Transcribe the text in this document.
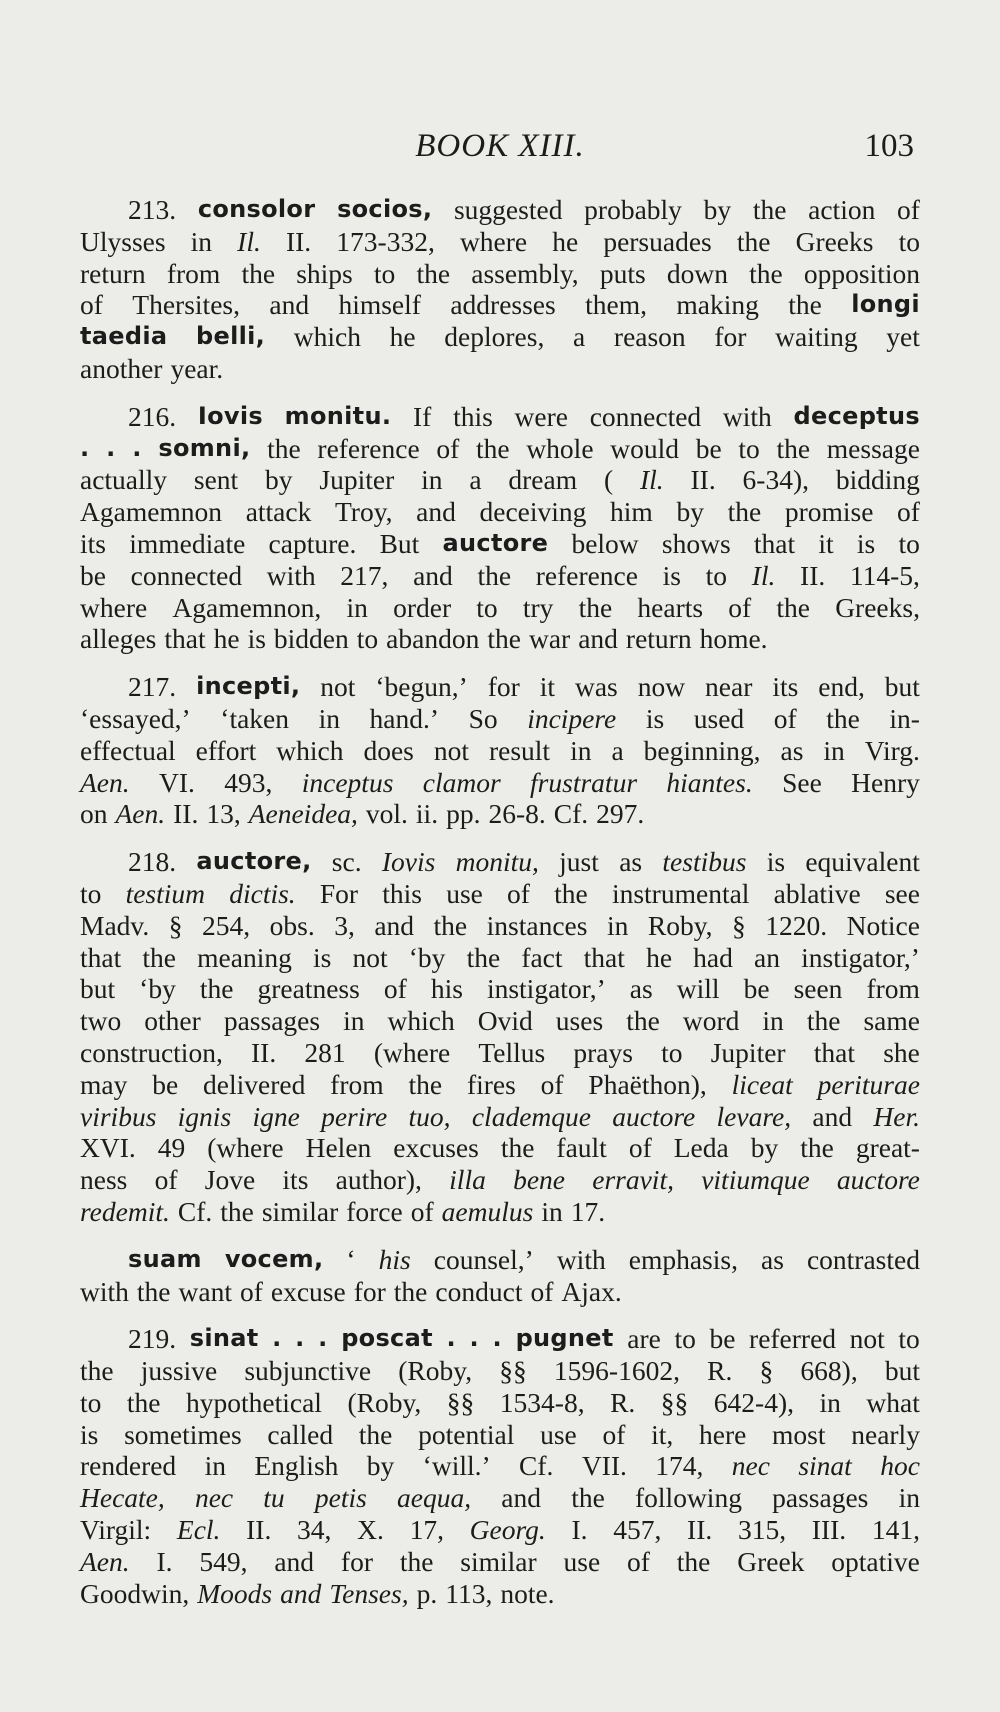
BOOK XIII.	103
213. consolor socios, suggested probably by the action of
Ulysses in Il. II. 173-332, where he persuades the Greeks to
return from the ships to the assembly, puts down the opposition
of Thersites, and himself addresses them, making the longi
taedia belli, which he deplores, a reason for waiting yet
another year.
216. Iovis monitu. If this were connected with deceptus
. . . somni, the reference of the whole would be to the message
actually sent by Jupiter in a dream ( Il. II. 6-34), bidding
Agamemnon attack Troy, and deceiving him by the promise of
its immediate capture. But auctore below shows that it is to
be connected with 217, and the reference is to Il. II. 114-5,
where Agamemnon, in order to try the hearts of the Greeks,
alleges that he is bidden to abandon the war and return home.
217. incepti, not ‘begun,’ for it was now near its end, but
‘essayed,’ ‘taken in hand.’ So incipere is used of the in-
effectual effort which does not result in a beginning, as in Virg.
Aen. VI. 493, inceptus clamor frustratur hiantes. See Henry
on Aen. II. 13, Aeneidea, vol. ii. pp. 26-8. Cf. 297.
218. auctore, sc. Iovis monitu, just as testibus is equivalent
to testium dictis. For this use of the instrumental ablative see
Madv. § 254, obs. 3, and the instances in Roby, § 1220. Notice
that the meaning is not ‘by the fact that he had an instigator,’
but ‘by the greatness of his instigator,’ as will be seen from
two other passages in which Ovid uses the word in the same
construction, II. 281 (where Tellus prays to Jupiter that she
may be delivered from the fires of Phaëthon), liceat periturae
viribus ignis igne perire tuo, clademque auctore levare, and Her.
XVI. 49 (where Helen excuses the fault of Leda by the great-
ness of Jove its author), illa bene erravit, vitiumque auctore
redemit. Cf. the similar force of aemulus in 17.
suam vocem, ‘ his counsel,’ with emphasis, as contrasted
with the want of excuse for the conduct of Ajax.
219. sinat . . . poscat . . . pugnet are to be referred not to
the jussive subjunctive (Roby, §§ 1596-1602, R. § 668), but
to the hypothetical (Roby, §§ 1534-8, R. §§ 642-4), in what
is sometimes called the potential use of it, here most nearly
rendered in English by ‘will.’ Cf. VII. 174, nec sinat hoc
Hecate, nec tu petis aequa, and the following passages in
Virgil: Ecl. II. 34, X. 17, Georg. I. 457, II. 315, III. 141,
Aen. I. 549, and for the similar use of the Greek optative
Goodwin, Moods and Tenses, p. 113, note.
